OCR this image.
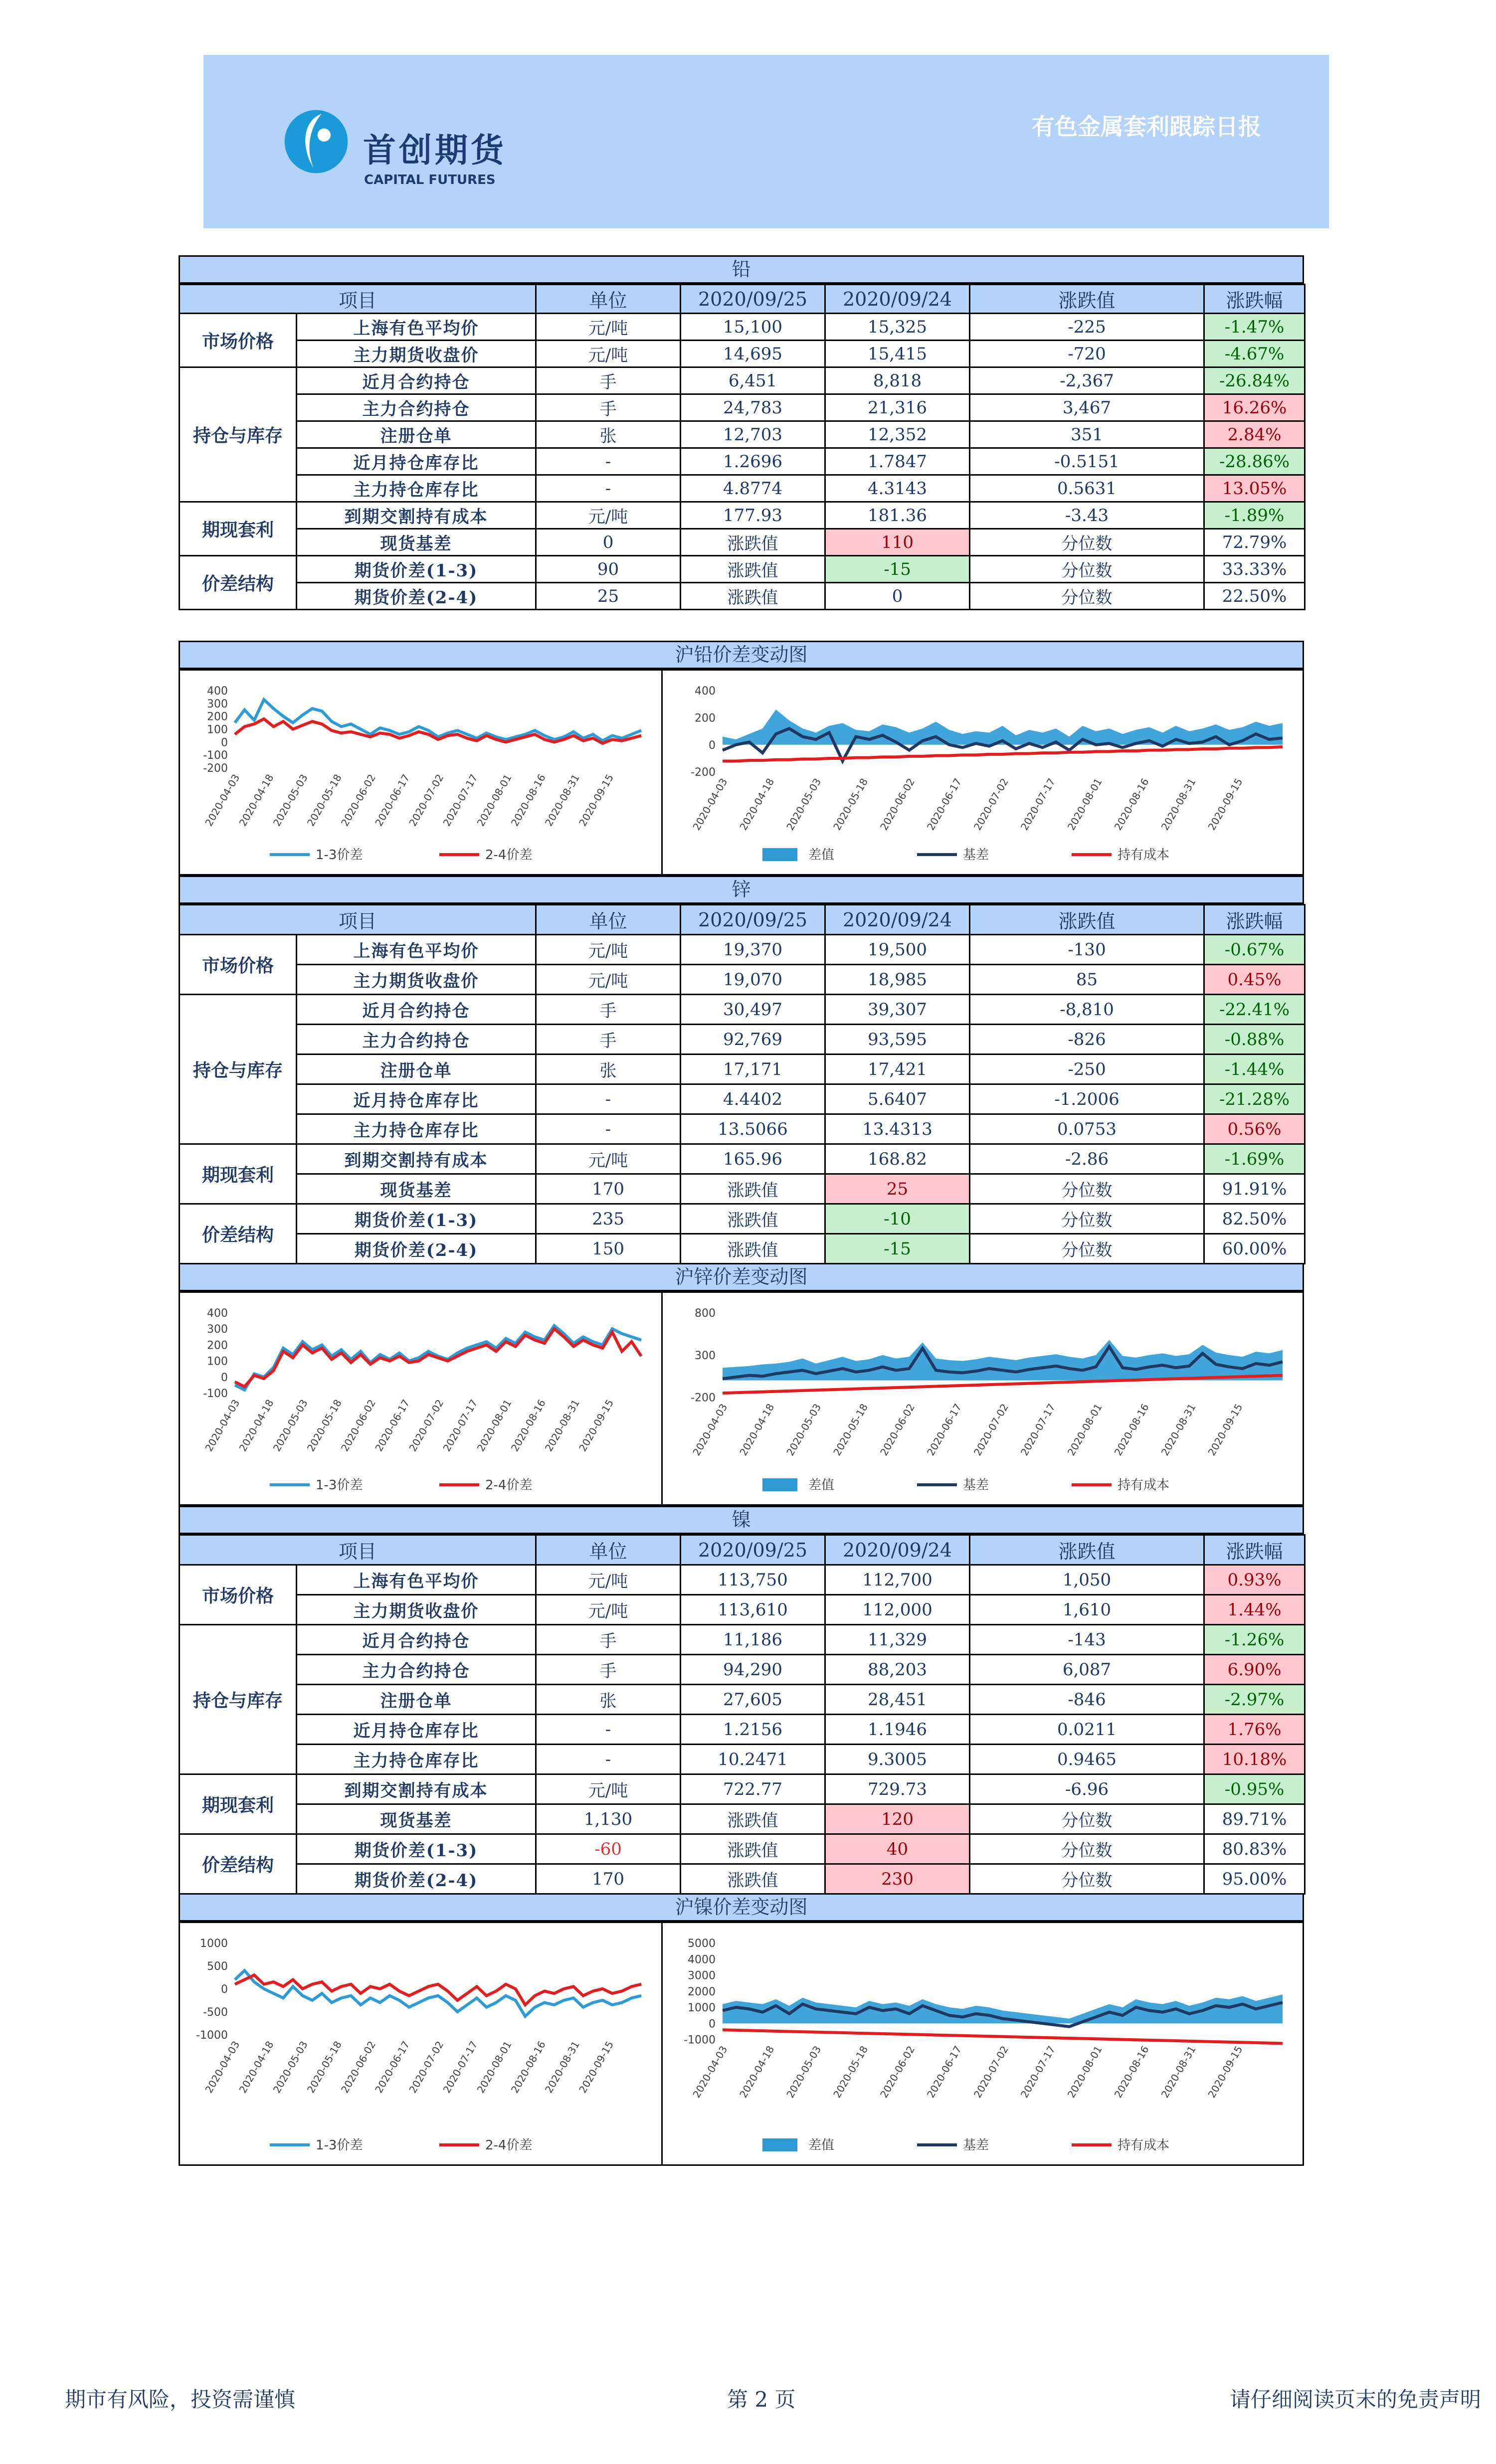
首创期货
CAPITAL FUTURES
有色金属套利跟踪日报
铅
项目		单位	2020/09/25	2020/09/24	涨跌值	涨跌幅
市场价格	上海有色平均价	元/吨	15,100	15,325	-225	-1.47%
	主力期货收盘价	元/吨	14,695	15,415	-720	-4.67%
持仓与库存	近月合约持仓	手	6,451	8,818	-2,367	-26.84%
	主力合约持仓	手	24,783	21,316	3,467	16.26%
	注册仓单	张	12,703	12,352	351	2.84%
	近月持仓库存比	-	1.2696	1.7847	-0.5151	-28.86%
	主力持仓库存比	-	4.8774	4.3143	0.5631	13.05%
期现套利	到期交割持有成本	元/吨	177.93	181.36	-3.43	-1.89%
	现货基差	0	涨跌值	110	分位数	72.79%
价差结构	期货价差(1-3)	90	涨跌值	-15	分位数	33.33%
	期货价差(2-4)	25	涨跌值	0	分位数	22.50%
沪铅价差变动图
-200
-100
0
100
200
300
400
2020-04-03
2020-04-18
2020-05-03
2020-05-18
2020-06-02
2020-06-17
2020-07-02
2020-07-17
2020-08-01
2020-08-16
2020-08-31
2020-09-15
1-3价差	2-4价差
-200
0
200
400
2020-04-03 2020-04-18 2020-05-03 2020-05-18 2020-06-02 2020-06-17 2020-07-02 2020-07-17 2020-08-01 2020-08-16 2020-08-31 2020-09-15
差值	基差	持有成本
锌
项目		单位	2020/09/25	2020/09/24	涨跌值	涨跌幅
市场价格	上海有色平均价	元/吨	19,370	19,500	-130	-0.67%
	主力期货收盘价	元/吨	19,070	18,985	85	0.45%
持仓与库存	近月合约持仓	手	30,497	39,307	-8,810	-22.41%
	主力合约持仓	手	92,769	93,595	-826	-0.88%
	注册仓单	张	17,171	17,421	-250	-1.44%
	近月持仓库存比	-	4.4402	5.6407	-1.2006	-21.28%
	主力持仓库存比	-	13.5066	13.4313	0.0753	0.56%
期现套利	到期交割持有成本	元/吨	165.96	168.82	-2.86	-1.69%
	现货基差	170	涨跌值	25	分位数	91.91%
价差结构	期货价差(1-3)	235	涨跌值	-10	分位数	82.50%
	期货价差(2-4)	150	涨跌值	-15	分位数	60.00%
沪锌价差变动图
-100
0
100
200
300
400
2020-04-03
2020-04-18
2020-05-03
2020-05-18
2020-06-02
2020-06-17
2020-07-02
2020-07-17
2020-08-01
2020-08-16
2020-08-31
2020-09-15
1-3价差	2-4价差
-200
300
800
2020-04-03 2020-04-18 2020-05-03 2020-05-18 2020-06-02 2020-06-17 2020-07-02 2020-07-17 2020-08-01 2020-08-16 2020-08-31 2020-09-15
差值	基差	持有成本
镍
项目		单位	2020/09/25	2020/09/24	涨跌值	涨跌幅
市场价格	上海有色平均价	元/吨	113,750	112,700	1,050	0.93%
	主力期货收盘价	元/吨	113,610	112,000	1,610	1.44%
持仓与库存	近月合约持仓	手	11,186	11,329	-143	-1.26%
	主力合约持仓	手	94,290	88,203	6,087	6.90%
	注册仓单	张	27,605	28,451	-846	-2.97%
	近月持仓库存比	-	1.2156	1.1946	0.0211	1.76%
	主力持仓库存比	-	10.2471	9.3005	0.9465	10.18%
期现套利	到期交割持有成本	元/吨	722.77	729.73	-6.96	-0.95%
	现货基差	1,130	涨跌值	120	分位数	89.71%
价差结构	期货价差(1-3)	-60	涨跌值	40	分位数	80.83%
	期货价差(2-4)	170	涨跌值	230	分位数	95.00%
沪镍价差变动图
-1000
-500
0
500
1000
2020-04-03
2020-04-18
2020-05-03
2020-05-18
2020-06-02
2020-06-17
2020-07-02
2020-07-17
2020-08-01
2020-08-16
2020-08-31
2020-09-15
1-3价差	2-4价差
-1000
0
1000
2000
3000
4000
5000
2020-04-03 2020-04-18 2020-05-03 2020-05-18 2020-06-02 2020-06-17 2020-07-02 2020-07-17 2020-08-01 2020-08-16 2020-08-31 2020-09-15
差值	基差	持有成本
期市有风险，投资需谨慎	第 2 页	请仔细阅读页末的免责声明
